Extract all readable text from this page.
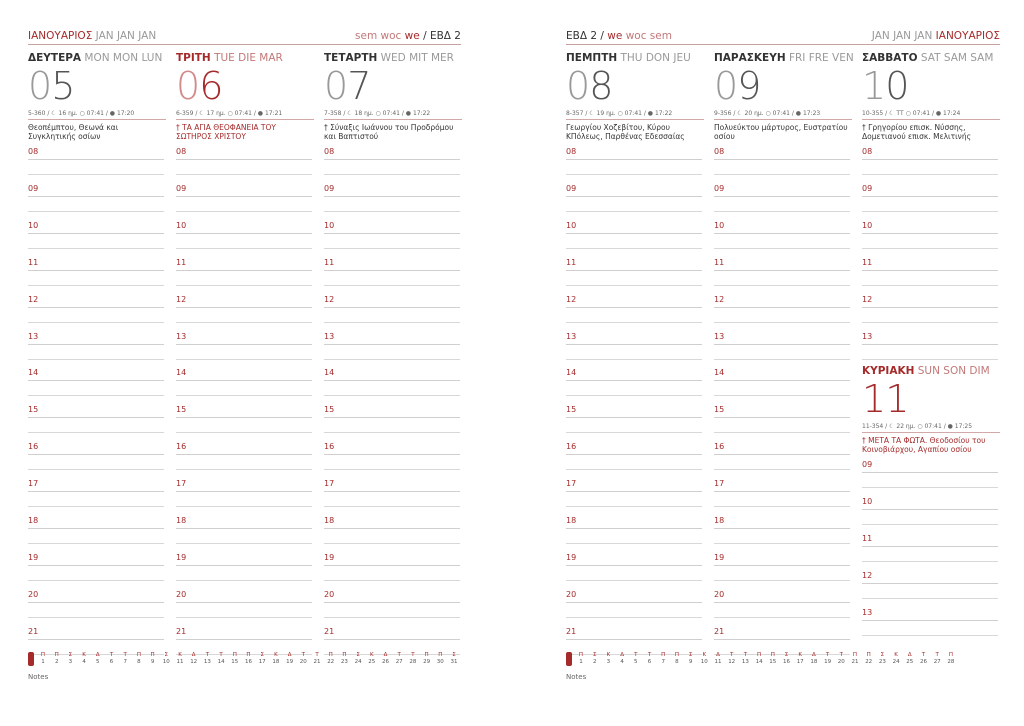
ΙΑΝΟΥΑΡΙΟΣ JAN JAN JAN	sem woc we / ΕΒΔ 2
ΔΕΥΤΕΡΑ MON MON LUN
05
5-360 / ☾ 16 ημ. ○ 07:41 / ● 17:20
Θεοπέμπτου, Θεωνά και Συγκλητικής οσίων
08
09
10
11
12
13
14
15
16
17
18
19
20
21
ΤΡΙΤΗ TUE DIE MAR
06
6-359 / ☾ 17 ημ. ○ 07:41 / ● 17:21
† ΤΑ ΑΓΙΑ ΘΕΟΦΑΝΕΙΑ ΤΟΥ ΣΩΤΗΡΟΣ ΧΡΙΣΤΟΥ
08
09
10
11
12
13
14
15
16
17
18
19
20
21
ΤΕΤΑΡΤΗ WED MIT MER
07
7-358 / ☾ 18 ημ. ○ 07:41 / ● 17:22
† Σύναξις Ιωάννου του Προδρόμου και Βαπτιστού
08
09
10
11
12
13
14
15
16
17
18
19
20
21
Π
1
Π
2
Σ
3
Κ
4
Δ
5
Τ
6
Τ
7
Π
8
Π
9
Σ
10
Κ
11
Δ
12
Τ
13
Τ
14
Π
15
Π
16
Σ
17
Κ
18
Δ
19
Τ
20
Τ
21
Π
22
Π
23
Σ
24
Κ
25
Δ
26
Τ
27
Τ
28
Π
29
Π
30
Σ
31
Notes
ΕΒΔ 2 / we woc sem	JAN JAN JAN ΙΑΝΟΥΑΡΙΟΣ
ΠΕΜΠΤΗ THU DON JEU
08
8-357 / ☾ 19 ημ. ○ 07:41 / ● 17:22
Γεωργίου Χοζεβίτου, Κύρου ΚΠόλεως, Παρθένας Εδεσσαίας
08
09
10
11
12
13
14
15
16
17
18
19
20
21
ΠΑΡΑΣΚΕΥΗ FRI FRE VEN
09
9-356 / ☾ 20 ημ. ○ 07:41 / ● 17:23
Πολυεύκτου μάρτυρος, Ευστρατίου οσίου
08
09
10
11
12
13
14
15
16
17
18
19
20
21
ΣΑΒΒΑΤΟ SAT SAM SAM
10
10-355 / ☾ ΤΤ ○ 07:41 / ● 17:24
† Γρηγορίου επισκ. Νύσσης, Δομετιανού επισκ. Μελιτινής
08
09
10
11
12
13
ΚΥΡΙΑΚΗ SUN SON DIM
11
11-354 / ☾ 22 ημ. ○ 07:41 / ● 17:25
† ΜΕΤΑ ΤΑ ΦΩΤΑ. Θεοδοσίου του Κοινοβιάρχου, Αγαπίου οσίου
09
10
11
12
13
Π
1
Σ
2
Κ
3
Δ
4
Τ
5
Τ
6
Π
7
Π
8
Σ
9
Κ
10
Δ
11
Τ
12
Τ
13
Π
14
Π
15
Σ
16
Κ
17
Δ
18
Τ
19
Τ
20
Π
21
Π
22
Σ
23
Κ
24
Δ
25
Τ
26
Τ
27
Π
28
Notes
